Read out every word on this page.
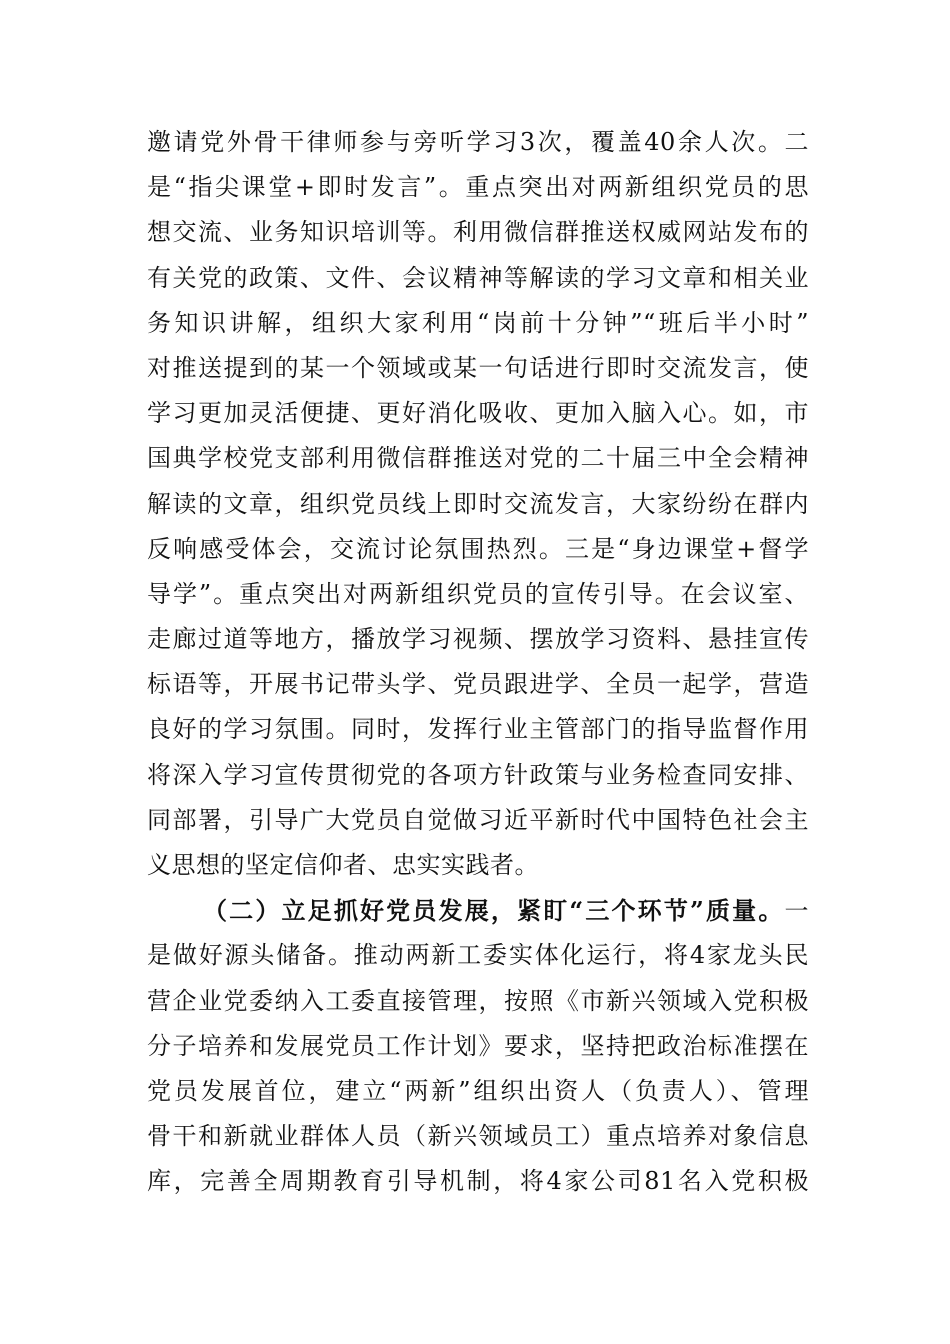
邀请党外骨干律师参与旁听学习3次，覆盖40余人次。二
是“指尖课堂+即时发言”。重点突出对两新组织党员的思
想交流、业务知识培训等。利用微信群推送权威网站发布的
有关党的政策、文件、会议精神等解读的学习文章和相关业
务知识讲解，组织大家利用“岗前十分钟”“班后半小时”
对推送提到的某一个领域或某一句话进行即时交流发言，使
学习更加灵活便捷、更好消化吸收、更加入脑入心。如，市
国典学校党支部利用微信群推送对党的二十届三中全会精神
解读的文章，组织党员线上即时交流发言，大家纷纷在群内
反响感受体会，交流讨论氛围热烈。三是“身边课堂+督学
导学”。重点突出对两新组织党员的宣传引导。在会议室、
走廊过道等地方，播放学习视频、摆放学习资料、悬挂宣传
标语等，开展书记带头学、党员跟进学、全员一起学，营造
良好的学习氛围。同时，发挥行业主管部门的指导监督作用
将深入学习宣传贯彻党的各项方针政策与业务检查同安排、
同部署，引导广大党员自觉做习近平新时代中国特色社会主
义思想的坚定信仰者、忠实实践者。
（二）立足抓好党员发展，紧盯“三个环节”质量。一
是做好源头储备。推动两新工委实体化运行，将4家龙头民
营企业党委纳入工委直接管理，按照《市新兴领域入党积极
分子培养和发展党员工作计划》要求，坚持把政治标准摆在
党员发展首位，建立“两新”组织出资人（负责人）、管理
骨干和新就业群体人员（新兴领域员工）重点培养对象信息
库，完善全周期教育引导机制，将4家公司81名入党积极
